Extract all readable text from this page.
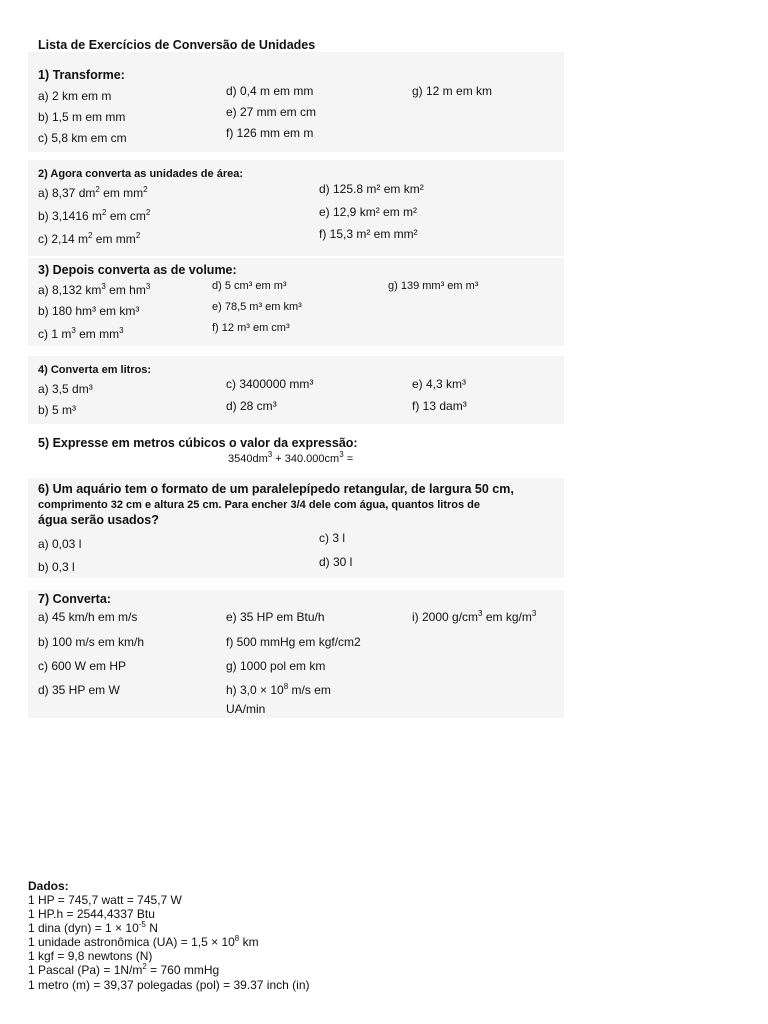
Lista de Exercícios de Conversão de Unidades
1) Transforme:
a) 2 km em m
b) 1,5 m em mm
c) 5,8 km em cm
d) 0,4 m em mm
e) 27 mm em cm
f) 126 mm em m
g) 12 m em km
2) Agora converta as unidades de área:
a) 8,37 $dm^2$ em $mm^2$
b) 3,1416 $m^2$ em $cm^2$
c) 2,14 $m^2$ em $mm^2$
d) 125.8 m² em km²
e) 12,9 km² em m²
f) 15,3 m² em mm²
3) Depois converta as de volume:
a) 8,132 $km^3$ em $hm^3$
b) 180 hm³ em km³
c) 1 $m^3$ em $mm^3$
d) 5 cm³ em m³
e) 78,5 m³ em km³
f) 12 m³ em cm³
g) 139 mm³ em m³
4) Converta em litros:
a) 3,5 dm³
b) 5 m³
c) 3400000 mm³
d) 28 cm³
e) 4,3 km³
f) 13 dam³
5) Expresse em metros cúbicos o valor da expressão:
$3540dm^3 + 340.000cm^3$ =
6) Um aquário tem o formato de um paralelepípedo retangular, de largura 50 cm,
comprimento 32 cm e altura 25 cm. Para encher 3/4 dele com água, quantos litros de
água serão usados?
a) 0,03 l
b) 0,3 l
c) 3 l
d) 30 l
7) Converta:
a) 45 km/h em m/s
b) 100 m/s em km/h
c) 600 W em HP
d) 35 HP em W
e) 35 HP em Btu/h
f) 500 mmHg em kgf/cm2
g) 1000 pol em km
h) $3,0 \times 10^8$ m/s em
UA/min
i) 2000 $g/cm^3$ em $kg/m^3$
Dados:
1 HP = 745,7 watt = 745,7 W
1 HP.h = 2544,4337 Btu
1 dina $(dyn) = 1 \times 10^{-5}$ N
1 unidade astronômica $(UA) = 1,5 \times 10^8$ km
1 kgf = 9,8 newtons (N)
1 Pascal $(Pa) = 1N/m^2 = 760$ mmHg
1 metro (m) = 39,37 polegadas (pol) = 39.37 inch (in)
